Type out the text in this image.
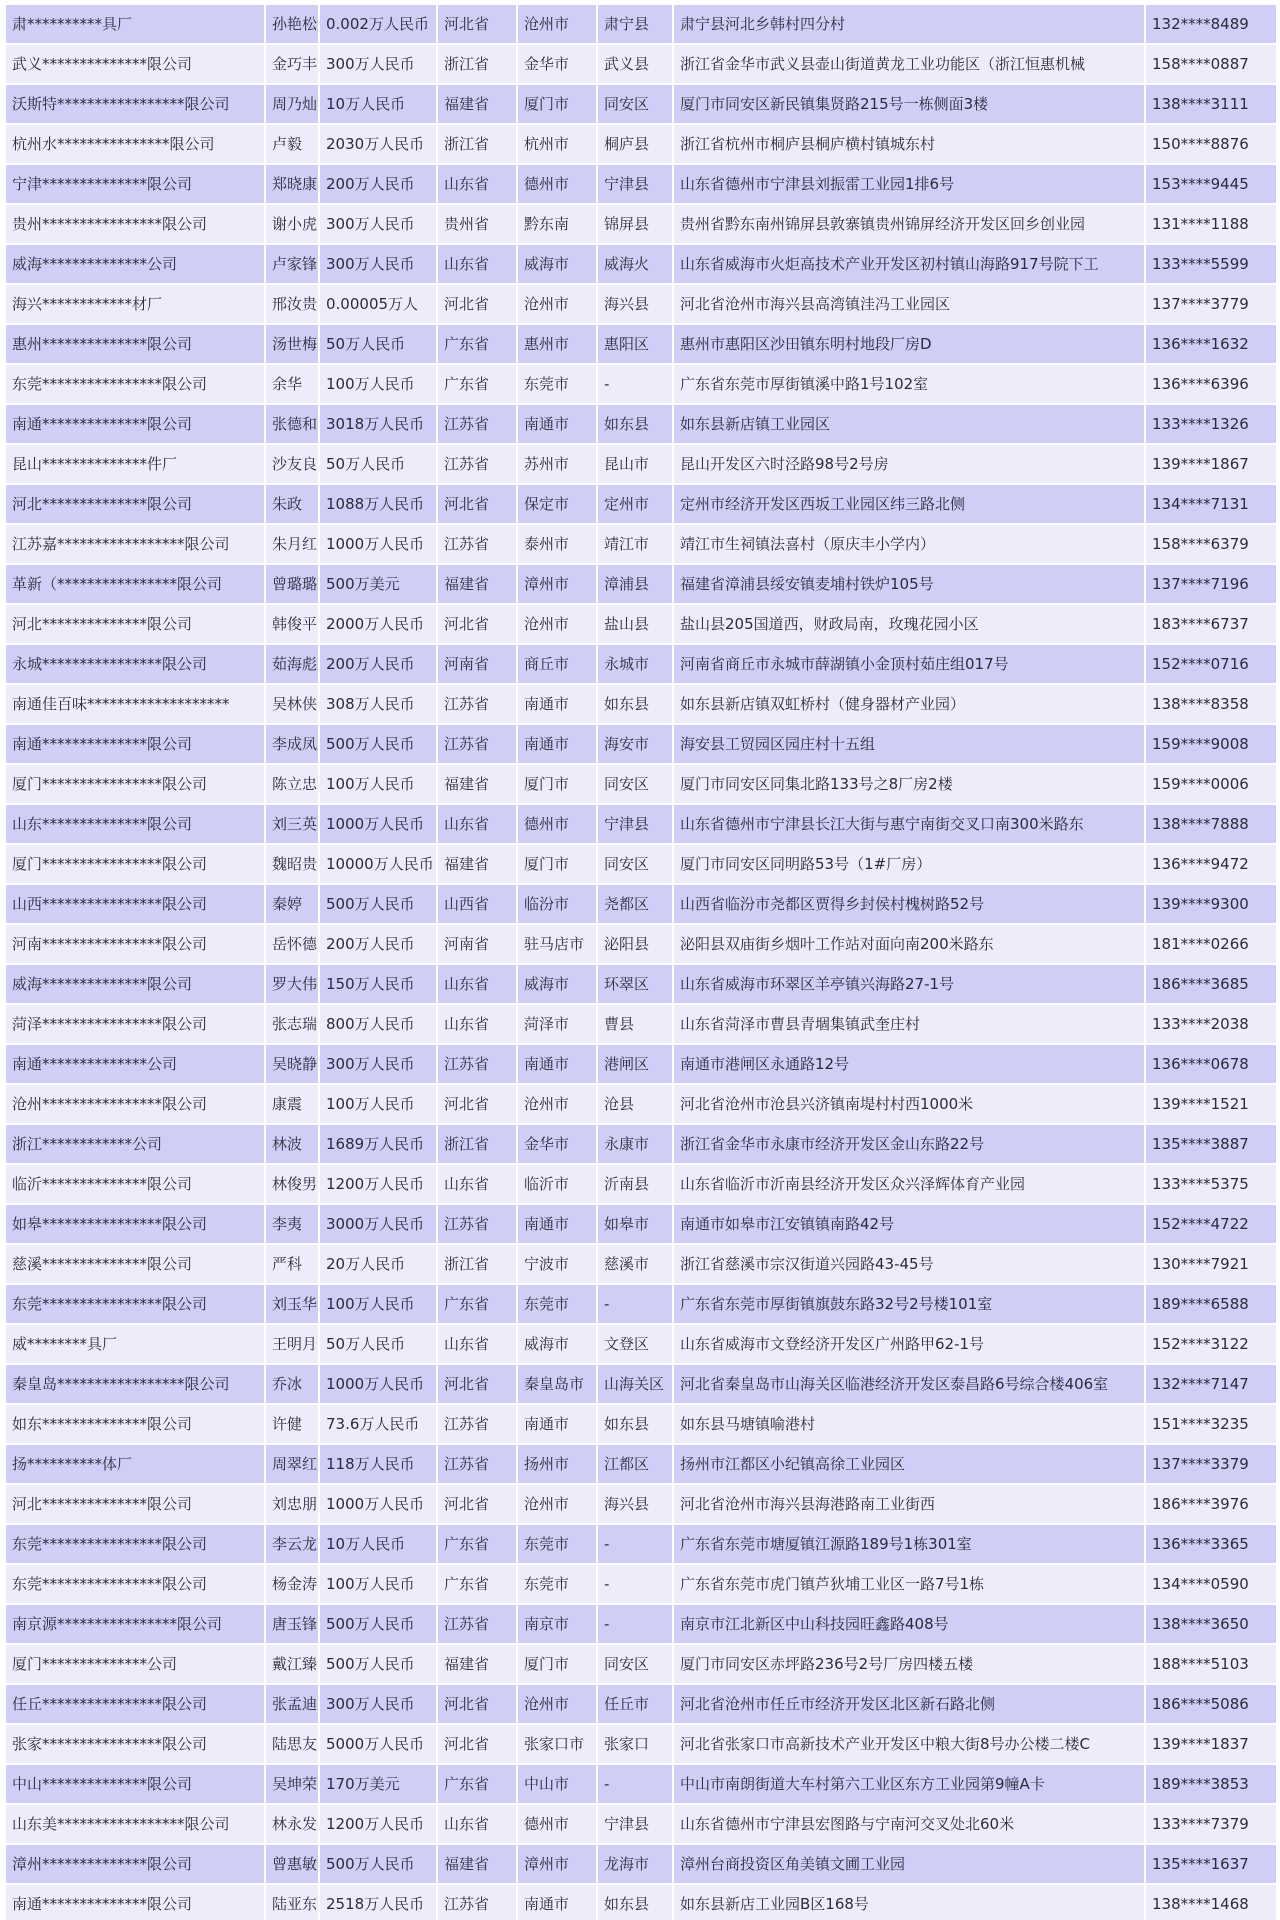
肃**********具厂	孙艳松	0.002万人民币	河北省	沧州市	肃宁县	肃宁县河北乡韩村四分村	132****8489
武义**************限公司	金巧丰	300万人民币	浙江省	金华市	武义县	浙江省金华市武义县壶山街道黄龙工业功能区（浙江恒惠机械	158****0887
沃斯特*****************限公司	周乃灿	10万人民币	福建省	厦门市	同安区	厦门市同安区新民镇集贤路215号一栋侧面3楼	138****3111
杭州水***************限公司	卢毅	2030万人民币	浙江省	杭州市	桐庐县	浙江省杭州市桐庐县桐庐横村镇城东村	150****8876
宁津**************限公司	郑晓康	200万人民币	山东省	德州市	宁津县	山东省德州市宁津县刘振雷工业园1排6号	153****9445
贵州****************限公司	谢小虎	300万人民币	贵州省	黔东南	锦屏县	贵州省黔东南州锦屏县敦寨镇贵州锦屏经济开发区回乡创业园	131****1188
威海**************公司	卢家锋	300万人民币	山东省	威海市	威海火	山东省威海市火炬高技术产业开发区初村镇山海路917号院下工	133****5599
海兴************材厂	邢汝贵	0.00005万人	河北省	沧州市	海兴县	河北省沧州市海兴县高湾镇洼冯工业园区	137****3779
惠州**************限公司	汤世梅	50万人民币	广东省	惠州市	惠阳区	惠州市惠阳区沙田镇东明村地段厂房D	136****1632
东莞****************限公司	余华	100万人民币	广东省	东莞市	-	广东省东莞市厚街镇溪中路1号102室	136****6396
南通**************限公司	张德和	3018万人民币	江苏省	南通市	如东县	如东县新店镇工业园区	133****1326
昆山**************件厂	沙友良	50万人民币	江苏省	苏州市	昆山市	昆山开发区六时泾路98号2号房	139****1867
河北**************限公司	朱政	1088万人民币	河北省	保定市	定州市	定州市经济开发区西坂工业园区纬三路北侧	134****7131
江苏嘉*****************限公司	朱月红	1000万人民币	江苏省	泰州市	靖江市	靖江市生祠镇法喜村（原庆丰小学内）	158****6379
革新（****************限公司	曾璐璐	500万美元	福建省	漳州市	漳浦县	福建省漳浦县绥安镇麦埔村铁炉105号	137****7196
河北**************限公司	韩俊平	2000万人民币	河北省	沧州市	盐山县	盐山县205国道西，财政局南，玫瑰花园小区	183****6737
永城****************限公司	茹海彪	200万人民币	河南省	商丘市	永城市	河南省商丘市永城市薛湖镇小金顶村茹庄组017号	152****0716
南通佳百味*******************	吴林侠	308万人民币	江苏省	南通市	如东县	如东县新店镇双虹桥村（健身器材产业园）	138****8358
南通**************限公司	李成凤	500万人民币	江苏省	南通市	海安市	海安县工贸园区园庄村十五组	159****9008
厦门****************限公司	陈立忠	100万人民币	福建省	厦门市	同安区	厦门市同安区同集北路133号之8厂房2楼	159****0006
山东**************限公司	刘三英	1000万人民币	山东省	德州市	宁津县	山东省德州市宁津县长江大街与惠宁南街交叉口南300米路东	138****7888
厦门****************限公司	魏昭贵	10000万人民币	福建省	厦门市	同安区	厦门市同安区同明路53号（1#厂房）	136****9472
山西****************限公司	秦婷	500万人民币	山西省	临汾市	尧都区	山西省临汾市尧都区贾得乡封侯村槐树路52号	139****9300
河南****************限公司	岳怀德	200万人民币	河南省	驻马店市	泌阳县	泌阳县双庙街乡烟叶工作站对面向南200米路东	181****0266
威海**************限公司	罗大伟	150万人民币	山东省	威海市	环翠区	山东省威海市环翠区羊亭镇兴海路27-1号	186****3685
菏泽****************限公司	张志瑞	800万人民币	山东省	菏泽市	曹县	山东省菏泽市曹县青堌集镇武奎庄村	133****2038
南通**************公司	吴晓静	300万人民币	江苏省	南通市	港闸区	南通市港闸区永通路12号	136****0678
沧州****************限公司	康震	100万人民币	河北省	沧州市	沧县	河北省沧州市沧县兴济镇南堤村村西1000米	139****1521
浙江************公司	林波	1689万人民币	浙江省	金华市	永康市	浙江省金华市永康市经济开发区金山东路22号	135****3887
临沂**************限公司	林俊男	1200万人民币	山东省	临沂市	沂南县	山东省临沂市沂南县经济开发区众兴泽辉体育产业园	133****5375
如皋****************限公司	李夷	3000万人民币	江苏省	南通市	如皋市	南通市如皋市江安镇镇南路42号	152****4722
慈溪**************限公司	严科	20万人民币	浙江省	宁波市	慈溪市	浙江省慈溪市宗汉街道兴园路43-45号	130****7921
东莞****************限公司	刘玉华	100万人民币	广东省	东莞市	-	广东省东莞市厚街镇旗鼓东路32号2号楼101室	189****6588
威********具厂	王明月	50万人民币	山东省	威海市	文登区	山东省威海市文登经济开发区广州路甲62-1号	152****3122
秦皇岛*****************限公司	乔冰	1000万人民币	河北省	秦皇岛市	山海关区	河北省秦皇岛市山海关区临港经济开发区泰昌路6号综合楼406室	132****7147
如东**************限公司	许健	73.6万人民币	江苏省	南通市	如东县	如东县马塘镇喻港村	151****3235
扬**********体厂	周翠红	118万人民币	江苏省	扬州市	江都区	扬州市江都区小纪镇高徐工业园区	137****3379
河北**************限公司	刘忠朋	1000万人民币	河北省	沧州市	海兴县	河北省沧州市海兴县海港路南工业街西	186****3976
东莞****************限公司	李云龙	10万人民币	广东省	东莞市	-	广东省东莞市塘厦镇江源路189号1栋301室	136****3365
东莞****************限公司	杨金涛	100万人民币	广东省	东莞市	-	广东省东莞市虎门镇芦狄埔工业区一路7号1栋	134****0590
南京源****************限公司	唐玉锋	500万人民币	江苏省	南京市	-	南京市江北新区中山科技园旺鑫路408号	138****3650
厦门**************公司	戴江臻	500万人民币	福建省	厦门市	同安区	厦门市同安区赤坪路236号2号厂房四楼五楼	188****5103
任丘****************限公司	张孟迪	300万人民币	河北省	沧州市	任丘市	河北省沧州市任丘市经济开发区北区新石路北侧	186****5086
张家****************限公司	陆思友	5000万人民币	河北省	张家口市	张家口	河北省张家口市高新技术产业开发区中粮大街8号办公楼二楼C	139****1837
中山**************限公司	吴坤荣	170万美元	广东省	中山市	-	中山市南朗街道大车村第六工业区东方工业园第9幢A卡	189****3853
山东美*****************限公司	林永发	1200万人民币	山东省	德州市	宁津县	山东省德州市宁津县宏图路与宁南河交叉处北60米	133****7379
漳州**************限公司	曾惠敏	500万人民币	福建省	漳州市	龙海市	漳州台商投资区角美镇文圃工业园	135****1637
南通**************限公司	陆亚东	2518万人民币	江苏省	南通市	如东县	如东县新店工业园B区168号	138****1468
